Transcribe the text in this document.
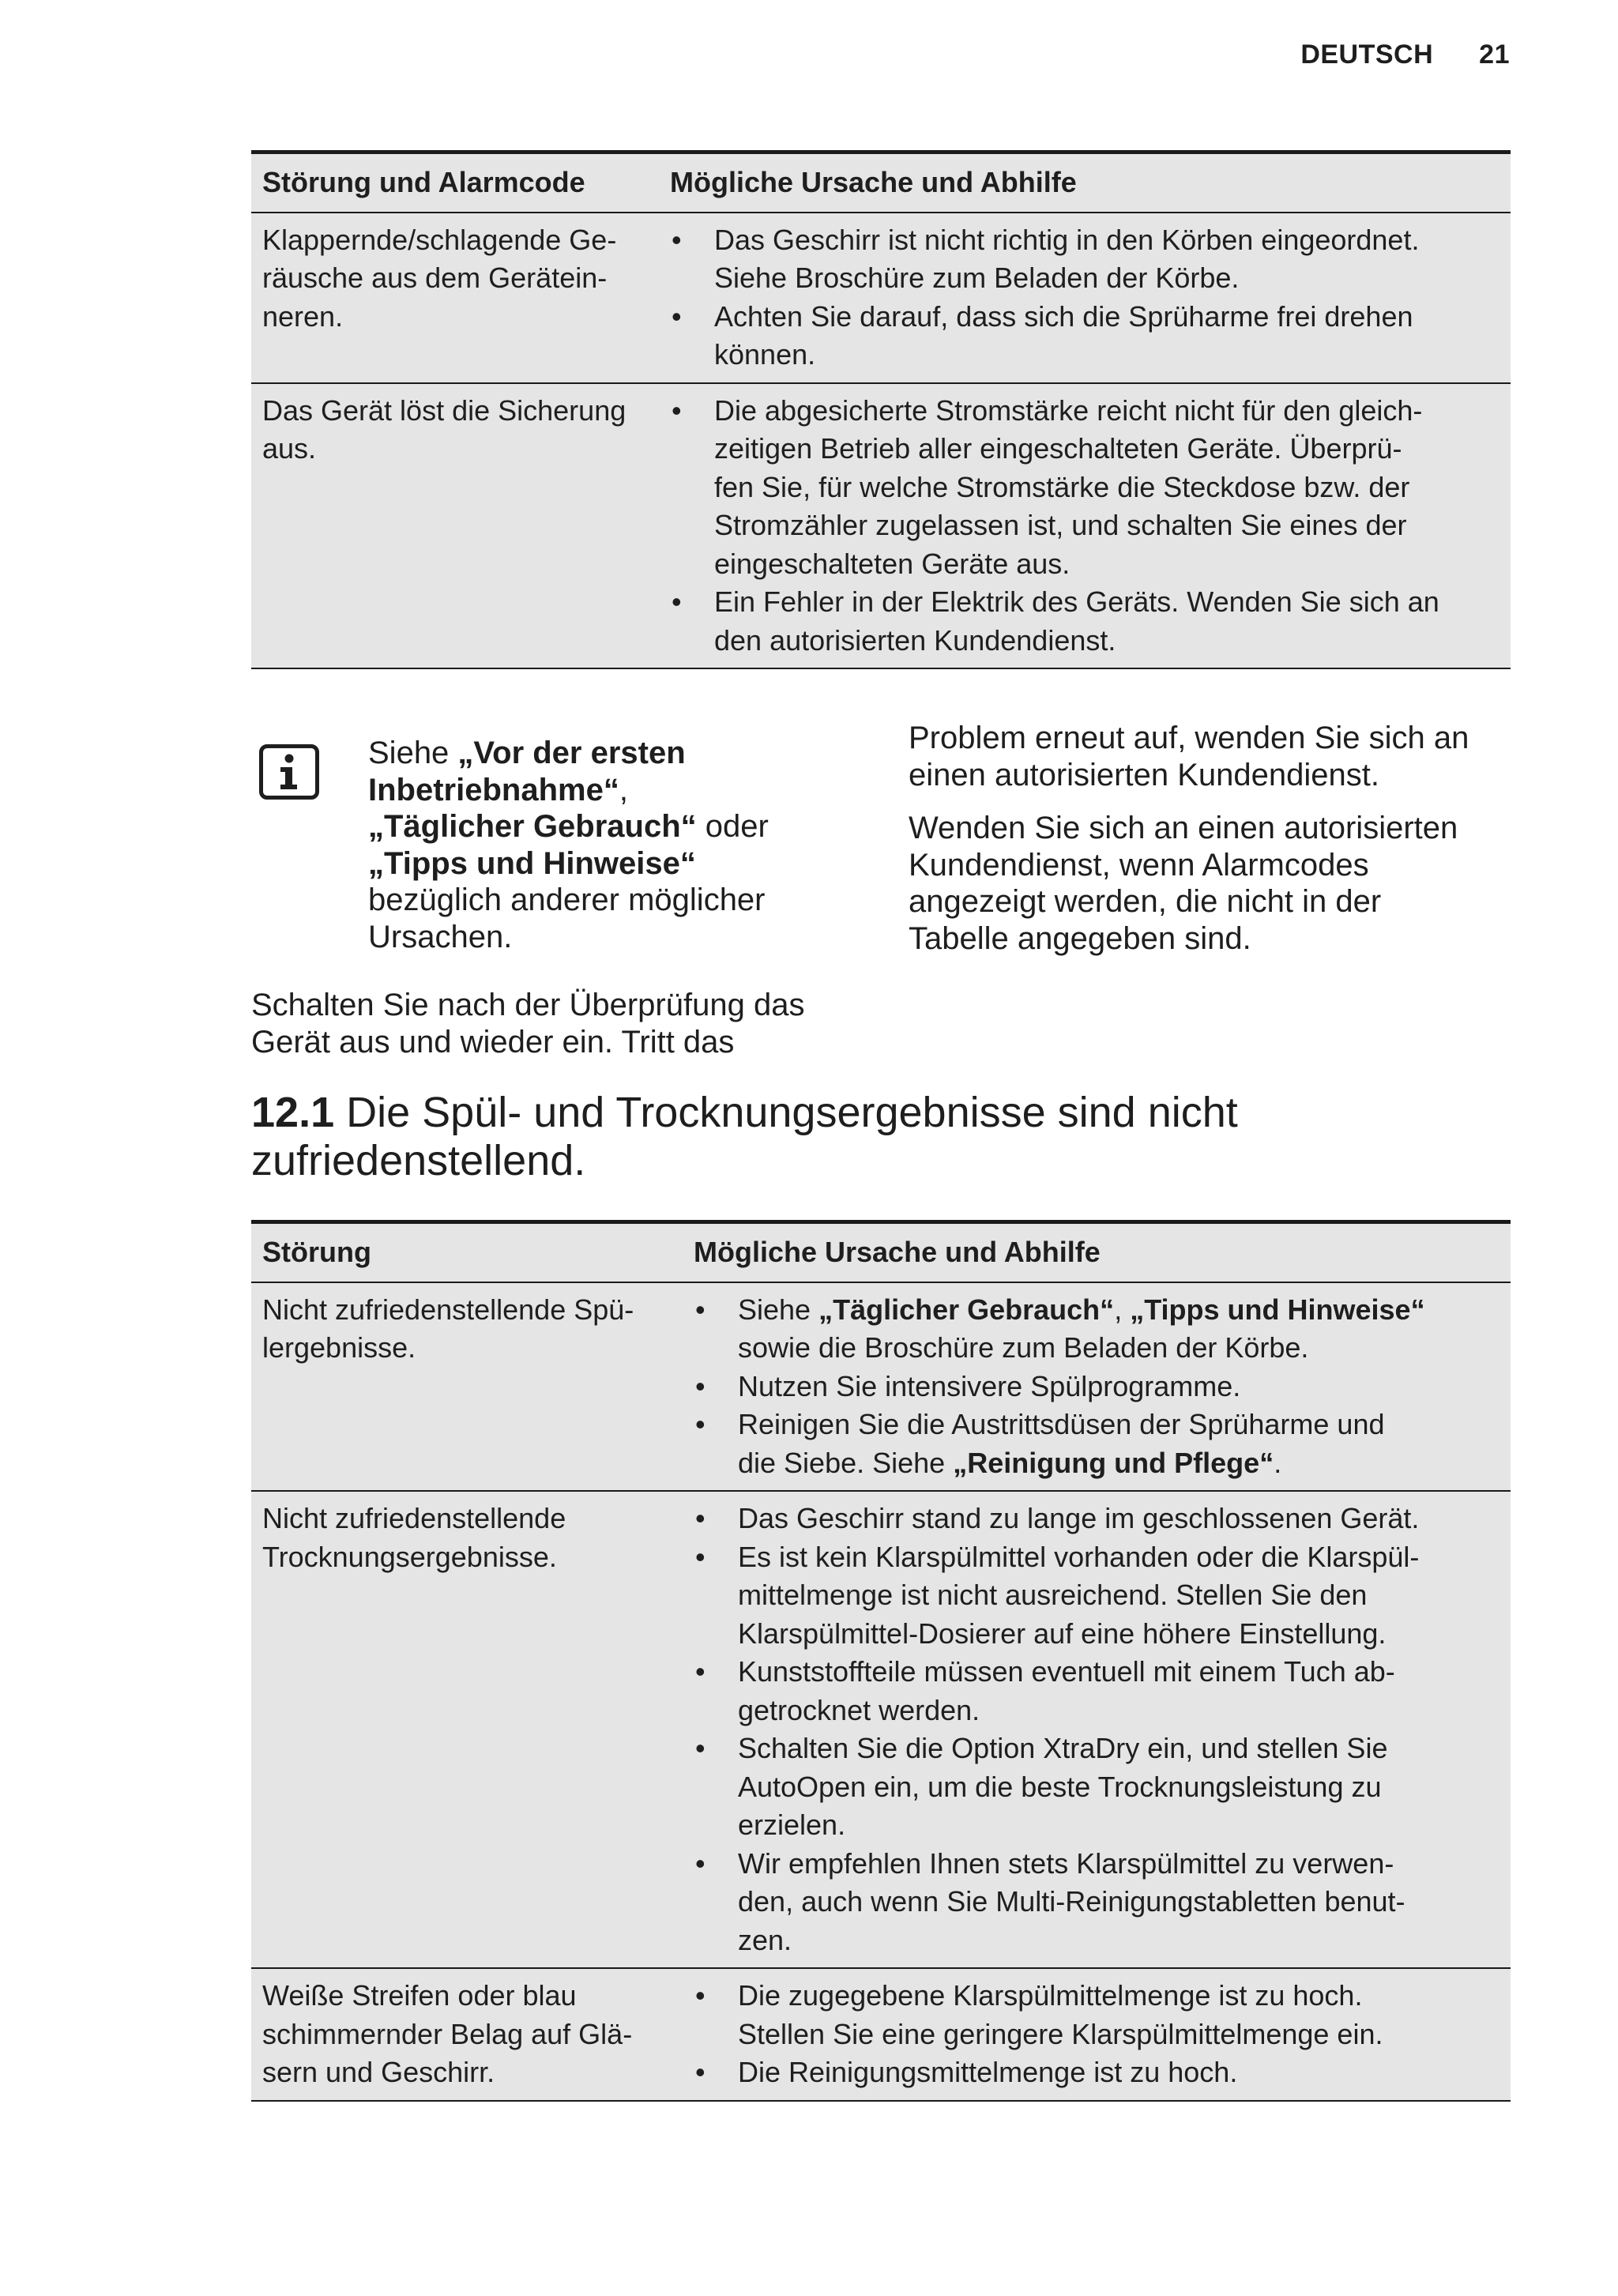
DEUTSCH 21
Störung und Alarmcode	Mögliche Ursache und Abhilfe
Klappernde/schlagende Ge-
räusche aus dem Gerätein-
neren.
• Das Geschirr ist nicht richtig in den Körben eingeordnet.
Siehe Broschüre zum Beladen der Körbe.
• Achten Sie darauf, dass sich die Sprüharme frei drehen
können.
Das Gerät löst die Sicherung
aus.
• Die abgesicherte Stromstärke reicht nicht für den gleich-
zeitigen Betrieb aller eingeschalteten Geräte. Überprü-
fen Sie, für welche Stromstärke die Steckdose bzw. der
Stromzähler zugelassen ist, und schalten Sie eines der
eingeschalteten Geräte aus.
• Ein Fehler in der Elektrik des Geräts. Wenden Sie sich an
den autorisierten Kundendienst.
Siehe „Vor der ersten Inbetriebnahme“,
„Täglicher Gebrauch“ oder
„Tipps und Hinweise“
bezüglich anderer möglicher Ursachen.
Schalten Sie nach der Überprüfung das
Gerät aus und wieder ein. Tritt das
Problem erneut auf, wenden Sie sich an
einen autorisierten Kundendienst.
Wenden Sie sich an einen autorisierten
Kundendienst, wenn Alarmcodes
angezeigt werden, die nicht in der
Tabelle angegeben sind.
12.1 Die Spül- und Trocknungsergebnisse sind nicht
zufriedenstellend.
Störung	Mögliche Ursache und Abhilfe
Nicht zufriedenstellende Spü-
lergebnisse.
• Siehe „Täglicher Gebrauch“, „Tipps und Hinweise“
sowie die Broschüre zum Beladen der Körbe.
• Nutzen Sie intensivere Spülprogramme.
• Reinigen Sie die Austrittsdüsen der Sprüharme und
die Siebe. Siehe „Reinigung und Pflege“.
Nicht zufriedenstellende
Trocknungsergebnisse.
• Das Geschirr stand zu lange im geschlossenen Gerät.
• Es ist kein Klarspülmittel vorhanden oder die Klarspül-
mittelmenge ist nicht ausreichend. Stellen Sie den
Klarspülmittel-Dosierer auf eine höhere Einstellung.
• Kunststoffteile müssen eventuell mit einem Tuch ab-
getrocknet werden.
• Schalten Sie die Option XtraDry ein, und stellen Sie
AutoOpen ein, um die beste Trocknungsleistung zu
erzielen.
• Wir empfehlen Ihnen stets Klarspülmittel zu verwen-
den, auch wenn Sie Multi-Reinigungstabletten benut-
zen.
Weiße Streifen oder blau
schimmernder Belag auf Glä-
sern und Geschirr.
• Die zugegebene Klarspülmittelmenge ist zu hoch.
Stellen Sie eine geringere Klarspülmittelmenge ein.
• Die Reinigungsmittelmenge ist zu hoch.
